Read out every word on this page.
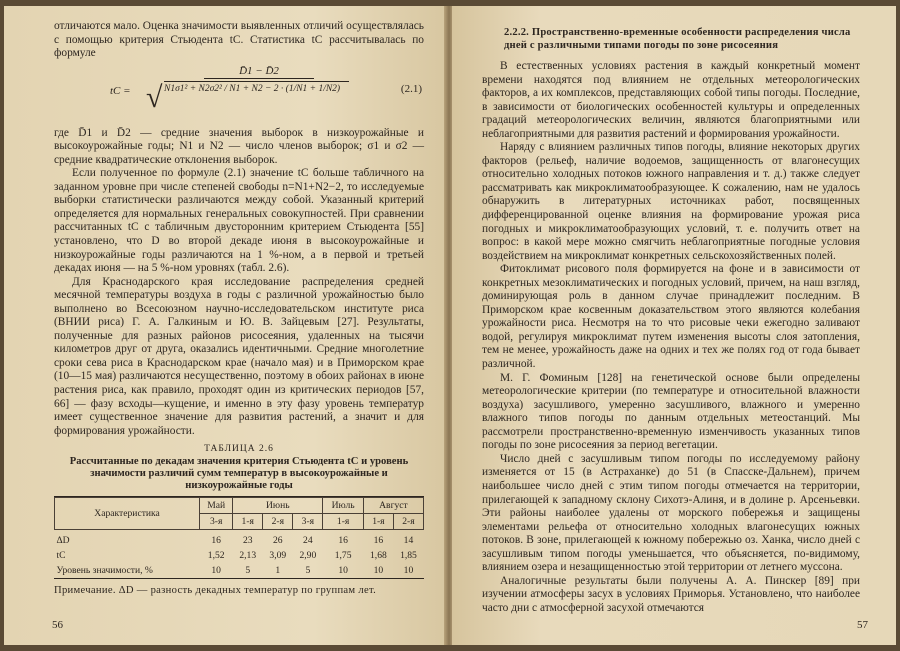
отличаются мало. Оценка значимости выявленных отличий осуществлялась с помощью критерия Стьюдента tC. Статистика tC рассчитывалась по формуле

tC =
D̄1 − D̄2
√ N1σ1² + N2σ2² / N1 + N2 − 2 · (1/N1 + 1/N2)	(2.1)

где D̄1 и D̄2 — средние значения выборок в низкоурожайные и высокоурожайные годы; N1 и N2 — число членов выборок; σ1 и σ2 — средние квадратические отклонения выборок.

Если полученное по формуле (2.1) значение tC больше табличного на заданном уровне при числе степеней свободы n=N1+N2−2, то исследуемые выборки статистически различаются между собой. Указанный критерий определяется для нормальных генеральных совокупностей. При сравнении рассчитанных tC с табличным двусторонним критерием Стьюдента [55] установлено, что D во второй декаде июня в высокоурожайные и низкоурожайные годы различаются на 1 %-ном, а в первой и третьей декадах июня — на 5 %-ном уровнях (табл. 2.6).

Для Краснодарского края исследование распределения средней месячной температуры воздуха в годы с различной урожайностью было выполнено во Всесоюзном научно-исследовательском институте риса (ВНИИ риса) Г. А. Галкиным и Ю. В. Зайцевым [27]. Результаты, полученные для разных районов рисосеяния, удаленных на тысячи километров друг от друга, оказались идентичными. Средние многолетние сроки сева риса в Краснодарском крае (начало мая) и в Приморском крае (10—15 мая) различаются несущественно, поэтому в обоих районах в июне растения риса, как правило, проходят один из критических периодов [57, 66] — фазу всходы—кущение, и именно в эту фазу уровень температур имеет существенное значение для развития растений, а значит и для формирования урожайности.

ТАБЛИЦА 2.6
Рассчитанные по декадам значения критерия Стьюдента tC и уровень значимости различий сумм температур в высокоурожайные и низкоурожайные годы
Характеристика	Май	Июнь			Июль	Август	
	3-я	1-я	2-я	3-я	1-я	1-я	2-я
ΔD	16	23	26	24	16	16	14
tC	1,52	2,13	3,09	2,90	1,75	1,68	1,85
Уровень значимости, %	10	5	1	5	10	10	10
Примечание. ΔD — разность декадных температур по группам лет.
56
2.2.2. Пространственно-временные особенности распределения числа дней с различными типами погоды по зоне рисосеяния

В естественных условиях растения в каждый конкретный момент времени находятся под влиянием не отдельных метеорологических факторов, а их комплексов, представляющих собой типы погоды. Последние, в зависимости от биологических особенностей культуры и определенных градаций метеорологических величин, являются благоприятными или неблагоприятными для развития растений и формирования урожайности.

Наряду с влиянием различных типов погоды, влияние некоторых других факторов (рельеф, наличие водоемов, защищенность от влагонесущих относительно холодных потоков южного направления и т. д.) также следует рассматривать как микроклиматообразующее. К сожалению, нам не удалось обнаружить в литературных источниках работ, посвященных дифференцированной оценке влияния на формирование урожая риса погодных и микроклиматообразующих условий, т. е. получить ответ на вопрос: в какой мере можно смягчить неблагоприятные погодные условия воздействием на микроклимат конкретных сельскохозяйственных полей.

Фитоклимат рисового поля формируется на фоне и в зависимости от конкретных мезоклиматических и погодных условий, причем, на наш взгляд, доминирующая роль в данном случае принадлежит последним. В Приморском крае косвенным доказательством этого являются колебания урожайности риса. Несмотря на то что рисовые чеки ежегодно заливают водой, регулируя микроклимат путем изменения высоты слоя затопления, тем не менее, урожайность даже на одних и тех же полях год от года бывает различной.

М. Г. Фоминым [128] на генетической основе были определены метеорологические критерии (по температуре и относительной влажности воздуха) засушливого, умеренно засушливого, влажного и умеренно влажного типов погоды по данным отдельных метеостанций. Мы рассмотрели пространственно-временную изменчивость указанных типов погоды по зоне рисосеяния за период вегетации.

Число дней с засушливым типом погоды по исследуемому району изменяется от 15 (в Астраханке) до 51 (в Спасске-Дальнем), причем наибольшее число дней с этим типом погоды отмечается на территории, прилегающей к западному склону Сихотэ-Алиня, и в долине р. Арсеньевки. Эти районы наиболее удалены от морского побережья и защищены элементами рельефа от относительно холодных влагонесущих южных потоков. В зоне, прилегающей к южному побережью оз. Ханка, число дней с засушливым типом погоды уменьшается, что объясняется, по-видимому, влиянием озера и незащищенностью этой территории от летнего муссона.

Аналогичные результаты были получены А. А. Пинскер [89] при изучении атмосферы засух в условиях Приморья. Установлено, что наиболее часто дни с атмосферной засухой отмечаются

57
